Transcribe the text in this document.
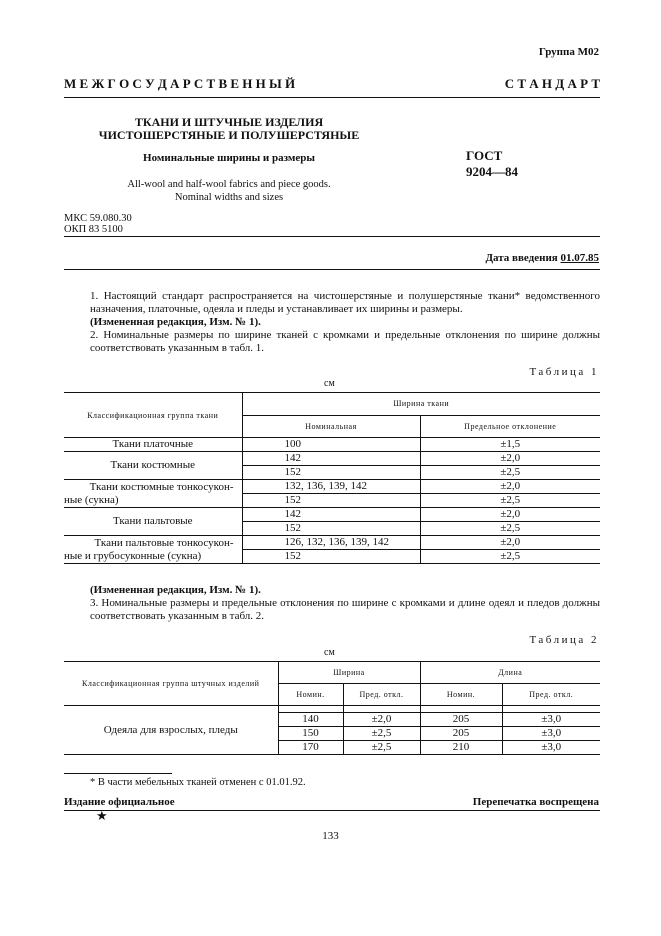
Группа М02
М Е Ж Г О С У Д А Р С Т В Е Н Н Ы Й	С Т А Н Д А Р Т
ТКАНИ И ШТУЧНЫЕ ИЗДЕЛИЯ
ЧИСТОШЕРСТЯНЫЕ И ПОЛУШЕРСТЯНЫЕ
Номинальные ширины и размеры
All-wool and half-wool fabrics and piece goods.
Nominal widths and sizes
ГОСТ
9204—84
МКС 59.080.30
ОКП 83 5100
Дата введения 01.07.85
1. Настоящий стандарт распространяется на чистошерстяные и полушерстяные ткани* ведомственного назначения, платочные, одеяла и пледы и устанавливает их ширины и размеры.
(Измененная редакция, Изм. № 1).
2. Номинальные размеры по ширине тканей с кромками и предельные отклонения по ширине должны соответствовать указанным в табл. 1.
Таблица 1
см
Классификационная группа ткани	Ширина ткани	
	Номинальная	Предельное отклонение
Ткани платочные	100	±1,5
Ткани костюмные	142	±2,0
	152	±2,5

Ткани костюмные тонкосукон-
ные (сукна)	132, 136, 139, 142	±2,0
	152	±2,5
Ткани пальтовые	142	±2,0
	152	±2,5

Ткани пальтовые тонкосукон-
ные и грубосуконные (сукна)	126, 132, 136, 139, 142	±2,0
	152	±2,5
(Измененная редакция, Изм. № 1).
3. Номинальные размеры и предельные отклонения по ширине с кромками и длине одеял и пледов должны соответствовать указанным в табл. 2.
Таблица 2
см
Классификационная группа штучных изделий	Ширина		Длина	
	Номин.	Пред. откл.	Номин.	Пред. откл.
Одеяла для взрослых, пледы				
	140	±2,0	205	±3,0
	150	±2,5	205	±3,0
	170	±2,5	210	±3,0
* В части мебельных тканей отменен с 01.01.92.
Издание официальное	Перепечатка воспрещена
★
133
